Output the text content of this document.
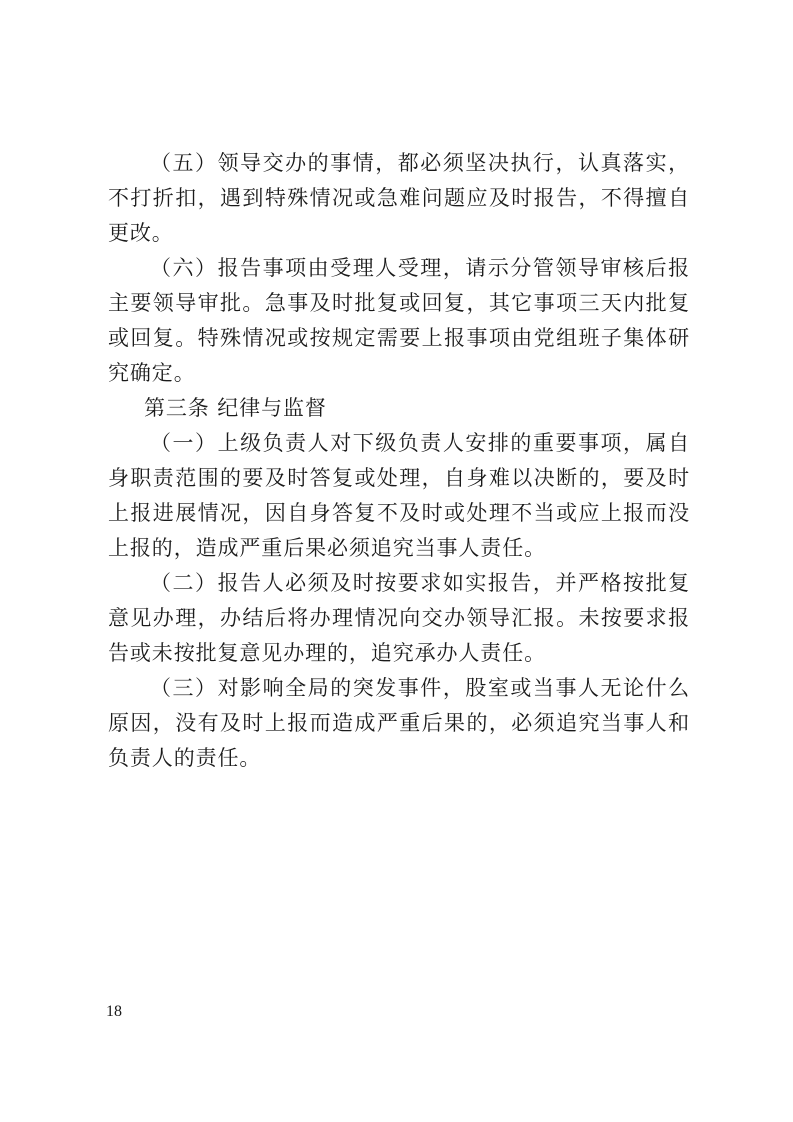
（五）领导交办的事情，都必须坚决执行，认真落实，不打折扣，遇到特殊情况或急难问题应及时报告，不得擅自更改。

（六）报告事项由受理人受理，请示分管领导审核后报主要领导审批。急事及时批复或回复，其它事项三天内批复或回复。特殊情况或按规定需要上报事项由党组班子集体研究确定。

第三条 纪律与监督

（一）上级负责人对下级负责人安排的重要事项，属自身职责范围的要及时答复或处理，自身难以决断的，要及时上报进展情况，因自身答复不及时或处理不当或应上报而没上报的，造成严重后果必须追究当事人责任。

（二）报告人必须及时按要求如实报告，并严格按批复意见办理，办结后将办理情况向交办领导汇报。未按要求报告或未按批复意见办理的，追究承办人责任。

（三）对影响全局的突发事件，股室或当事人无论什么原因，没有及时上报而造成严重后果的，必须追究当事人和负责人的责任。

18
